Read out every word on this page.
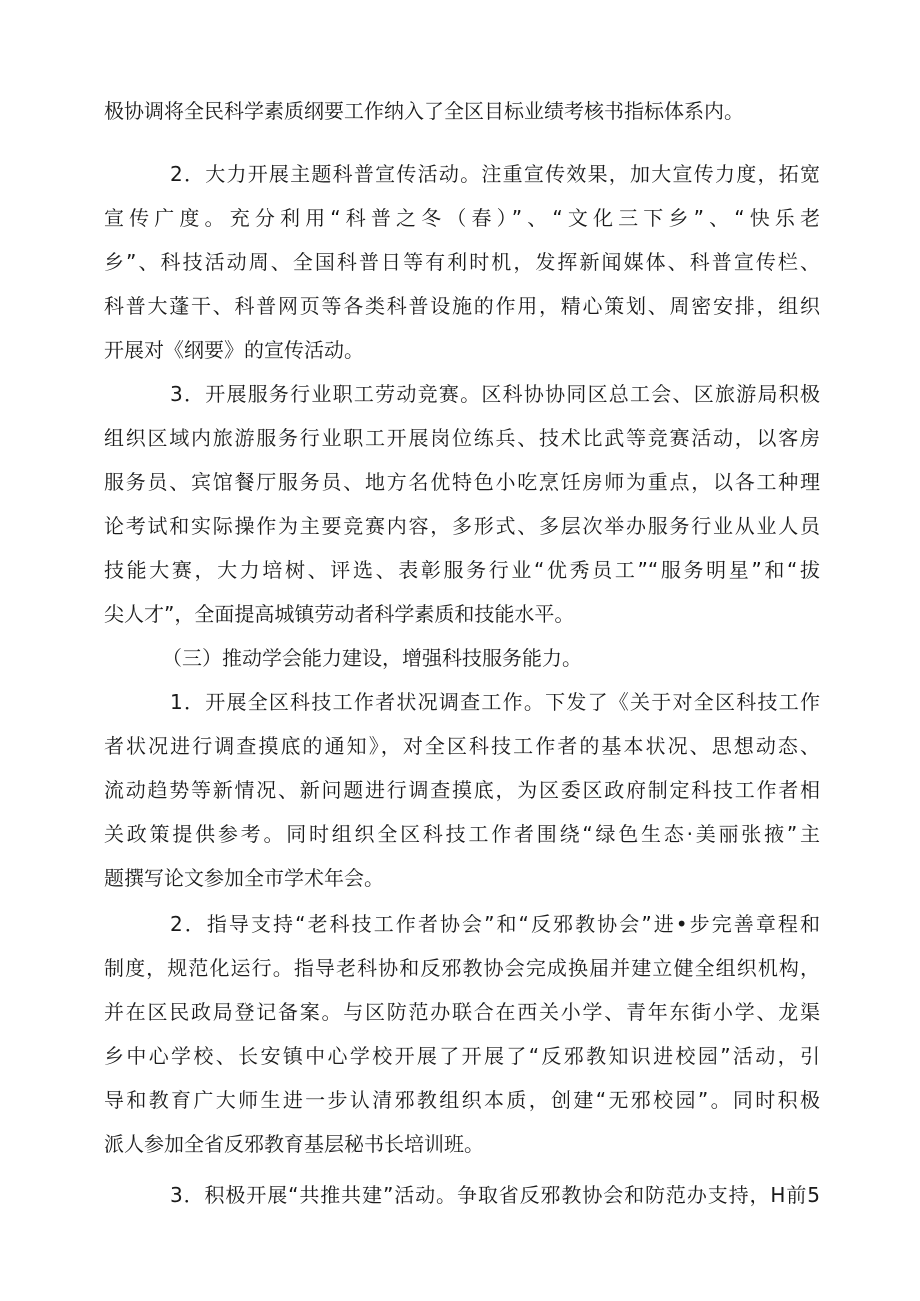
极协调将全民科学素质纲要工作纳入了全区目标业绩考核书指标体系内。
2．大力开展主题科普宣传活动。注重宣传效果，加大宣传力度，拓宽
宣传广度。充分利用“科普之冬（春）”、“文化三下乡”、“快乐老
乡”、科技活动周、全国科普日等有利时机，发挥新闻媒体、科普宣传栏、
科普大蓬干、科普网页等各类科普设施的作用，精心策划、周密安排，组织
开展对《纲要》的宣传活动。
3．开展服务行业职工劳动竞赛。区科协协同区总工会、区旅游局积极
组织区域内旅游服务行业职工开展岗位练兵、技术比武等竞赛活动，以客房
服务员、宾馆餐厅服务员、地方名优特色小吃烹饪房师为重点，以各工种理
论考试和实际操作为主要竞赛内容，多形式、多层次举办服务行业从业人员
技能大赛，大力培树、评选、表彰服务行业“优秀员工”“服务明星”和“拔
尖人才”，全面提高城镇劳动者科学素质和技能水平。
（三）推动学会能力建设，增强科技服务能力。
1．开展全区科技工作者状况调查工作。下发了《关于对全区科技工作
者状况进行调查摸底的通知》，对全区科技工作者的基本状况、思想动态、
流动趋势等新情况、新问题进行调查摸底，为区委区政府制定科技工作者相
关政策提供参考。同时组织全区科技工作者围绕“绿色生态·美丽张掖”主
题撰写论文参加全市学术年会。
2．指导支持“老科技工作者协会”和“反邪教协会”进•步完善章程和
制度，规范化运行。指导老科协和反邪教协会完成换届并建立健全组织机构，
并在区民政局登记备案。与区防范办联合在西关小学、青年东街小学、龙渠
乡中心学校、长安镇中心学校开展了开展了“反邪教知识进校园”活动，引
导和教育广大师生进一步认清邪教组织本质，创建“无邪校园”。同时积极
派人参加全省反邪教育基层秘书长培训班。
3．积极开展“共推共建”活动。争取省反邪教协会和防范办支持，H前5
